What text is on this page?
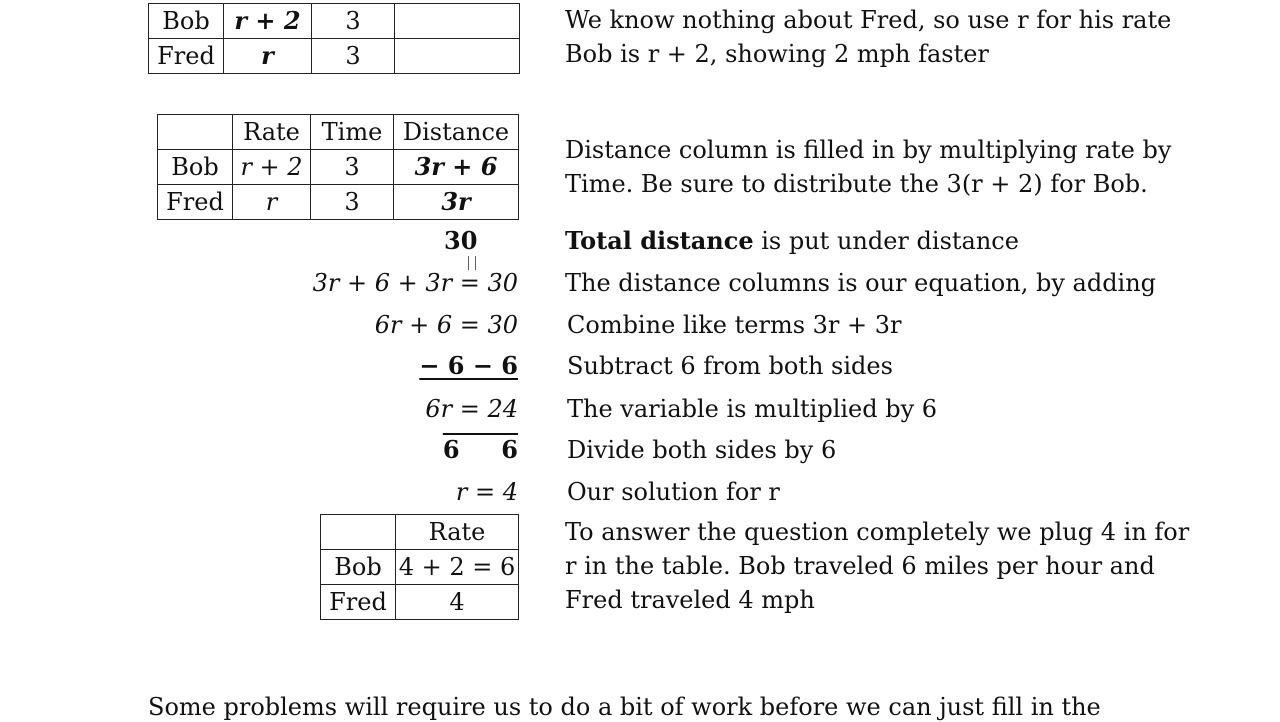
Bob	r + 2	3	
Fred	r	3	
We know nothing about Fred, so use r for his rate
Bob is r + 2, showing 2 mph faster
	Rate	Time	Distance
Bob	r + 2	3	3r + 6
Fred	r	3	3r
Distance column is filled in by multiplying rate by
Time. Be sure to distribute the 3(r + 2) for Bob.
30	Total distance is put under distance
3r + 6 + 3r = 30 The distance columns is our equation, by adding
6r + 6 = 30 Combine like terms 3r + 3r
− 6 − 6 Subtract 6 from both sides
6r = 24 The variable is multiplied by 6
6     6 Divide both sides by 6
r = 4 Our solution for r
	Rate
Bob	4 + 2 = 6
Fred	4
To answer the question completely we plug 4 in for
r in the table. Bob traveled 6 miles per hour and
Fred traveled 4 mph
Some problems will require us to do a bit of work before we can just fill in the
